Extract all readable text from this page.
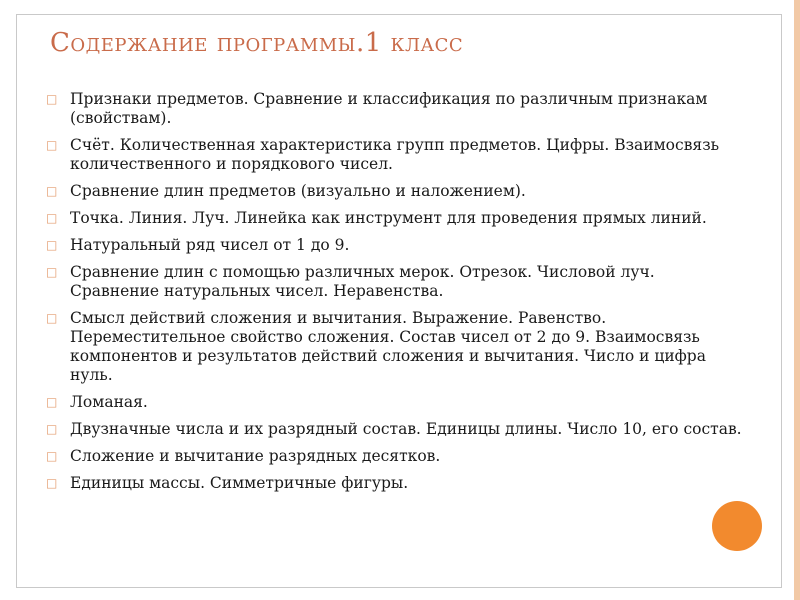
Содержание программы.1 класс
□ Признаки предметов. Сравнение и классификация по различным признакам (свойствам).
□ Счёт. Количественная характеристика групп предметов. Цифры. Взаимосвязь количественного и порядкового чисел.
□ Сравнение длин предметов (визуально и наложением).
□ Точка. Линия. Луч. Линейка как инструмент для проведения прямых линий.
□ Натуральный ряд чисел от 1 до 9.
□ Сравнение длин с помощью различных мерок. Отрезок. Числовой луч. Сравнение натуральных чисел. Неравенства.
□ Смысл действий сложения и вычитания. Выражение. Равенство. Переместительное свойство сложения. Состав чисел от 2 до 9. Взаимосвязь компонентов и результатов действий сложения и вычитания. Число и цифра нуль.
□ Ломаная.
□ Двузначные числа и их разрядный состав. Единицы длины. Число 10, его состав.
□ Сложение и вычитание разрядных десятков.
□ Единицы массы. Симметричные фигуры.
